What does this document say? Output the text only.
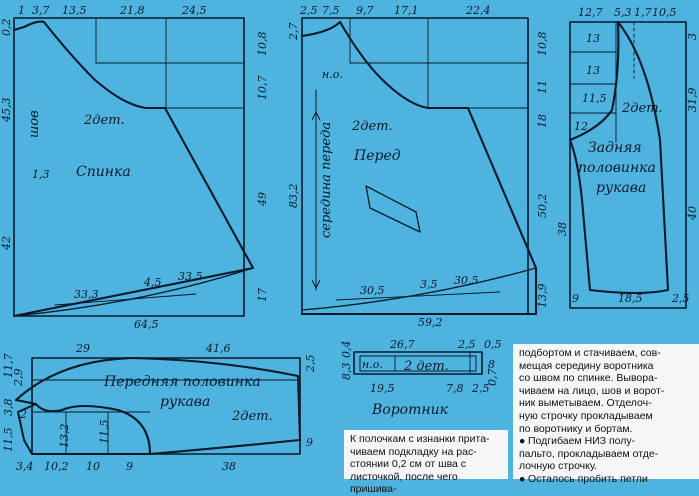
1 3,7 13,5	21,8	24,5
0,2
45,3
1,3
42
10,8
10,7
49
17
шов	2дет.
Спинка
33,3
4,5 33,5
64,5
2,5 7,5 9,7 17,1	22,4
2,7
83,2
10,8
11
18
50,2
13,9
н.о.
середина переда 2дет.
Перед
30,5	3,5 30,5
59,2
12,7 5,3 1,7 10,5
13
13
11,5
12
38
3
31,9
40
2дет.
Задняя
половинка
рукава
9	18,5	2,5
29	41,6
11,7
2,9
3,8 2
11,5
2,5
9
13,2 11,5
Передняя половинка
рукава
2дет.
3,4 10,2 10 9	38
26,7	2,5 0,5
8,3
0,4
0,7
8
н.о. 2 дет.
19,5	7,8 2,5
Воротник

подбортом и стачиваем, сов-

мещая середину воротника

со швом по спинке. Вывора-

чиваем на лицо, шов и ворот-

ник выметываем. Отделоч-

ную строчку прокладываем

по воротнику и бортам.

● Подгибаем НИЗ полу-

пальто, прокладываем отде-

лочную строчку.

● Осталось пробить петли

К полочкам с изнанки прита-

чиваем подкладку на рас-

стоянии 0,2 см от шва с

листочкой, после чего пришива-
